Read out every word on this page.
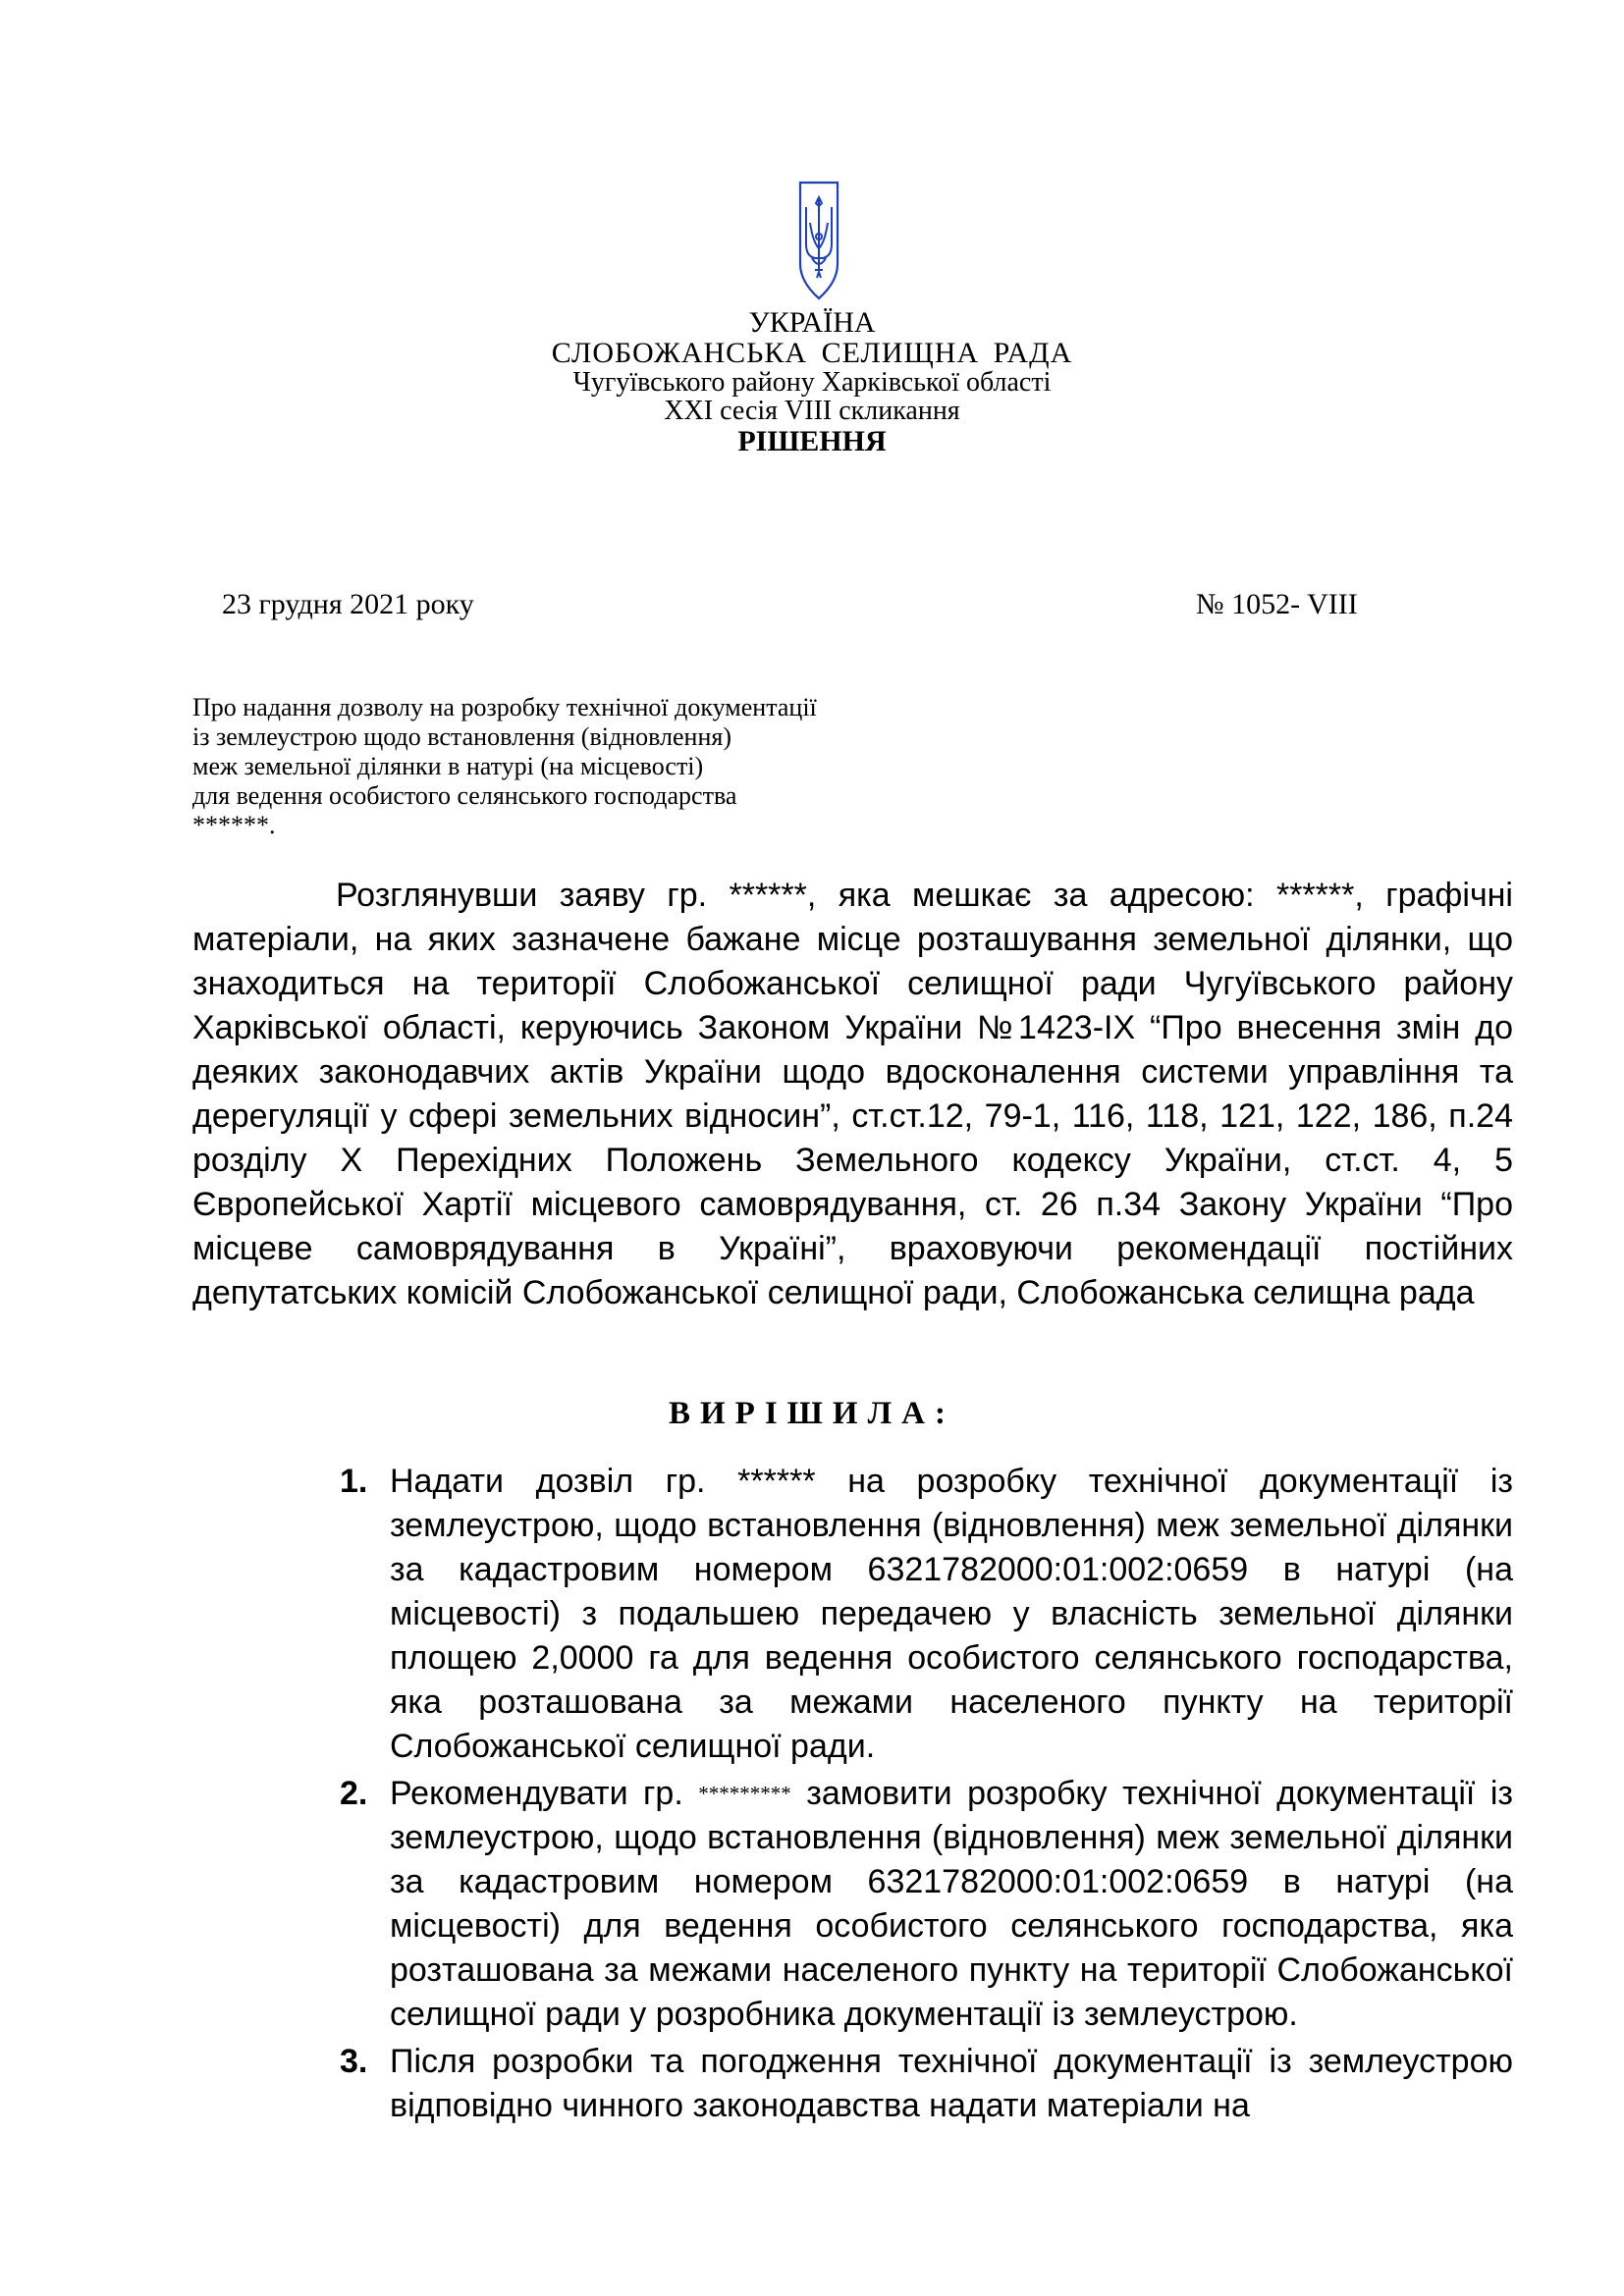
УКРАЇНА
СЛОБОЖАНСЬКА СЕЛИЩНА РАДА
Чугуївського району Харківської області
XXI сесія VIII скликання
РІШЕННЯ
23 грудня 2021 року	№ 1052- VIII
Про надання дозволу на розробку технічної документації
із землеустрою щодо встановлення (відновлення)
меж земельної ділянки в натурі (на місцевості)
для ведення особистого селянського господарства
******.
Розглянувши заяву гр. ******, яка мешкає за адресою: ******, графічні матеріали, на яких зазначене бажане місце розташування земельної ділянки, що знаходиться на території Слобожанської селищної ради Чугуївського району Харківської області, керуючись Законом України №1423-IX “Про внесення змін до деяких законодавчих актів України щодо вдосконалення системи управління та дерегуляції у сфері земельних відносин”, ст.ст.12, 79-1, 116, 118, 121, 122, 186, п.24 розділу X Перехідних Положень Земельного кодексу України, ст.ст. 4, 5 Європейської Хартії місцевого самоврядування, ст. 26 п.34 Закону України “Про місцеве самоврядування в Україні”, враховуючи рекомендації постійних депутатських комісій Слобожанської селищної ради, Слобожанська селищна рада
ВИРІШИЛА:
1. Надати дозвіл гр. ****** на розробку технічної документації із землеустрою, щодо встановлення (відновлення) меж земельної ділянки за кадастровим номером 6321782000:01:002:0659 в натурі (на місцевості) з подальшею передачею у власність земельної ділянки площею 2,0000 га для ведення особистого селянського господарства, яка розташована за межами населеного пункту на території Слобожанської селищної ради.
2. Рекомендувати гр. ********* замовити розробку технічної документації із землеустрою, щодо встановлення (відновлення) меж земельної ділянки за кадастровим номером 6321782000:01:002:0659 в натурі (на місцевості) для ведення особистого селянського господарства, яка розташована за межами населеного пункту на території Слобожанської селищної ради у розробника документації із землеустрою.
3. Після розробки та погодження технічної документації із землеустрою відповідно чинного законодавства надати матеріали на
